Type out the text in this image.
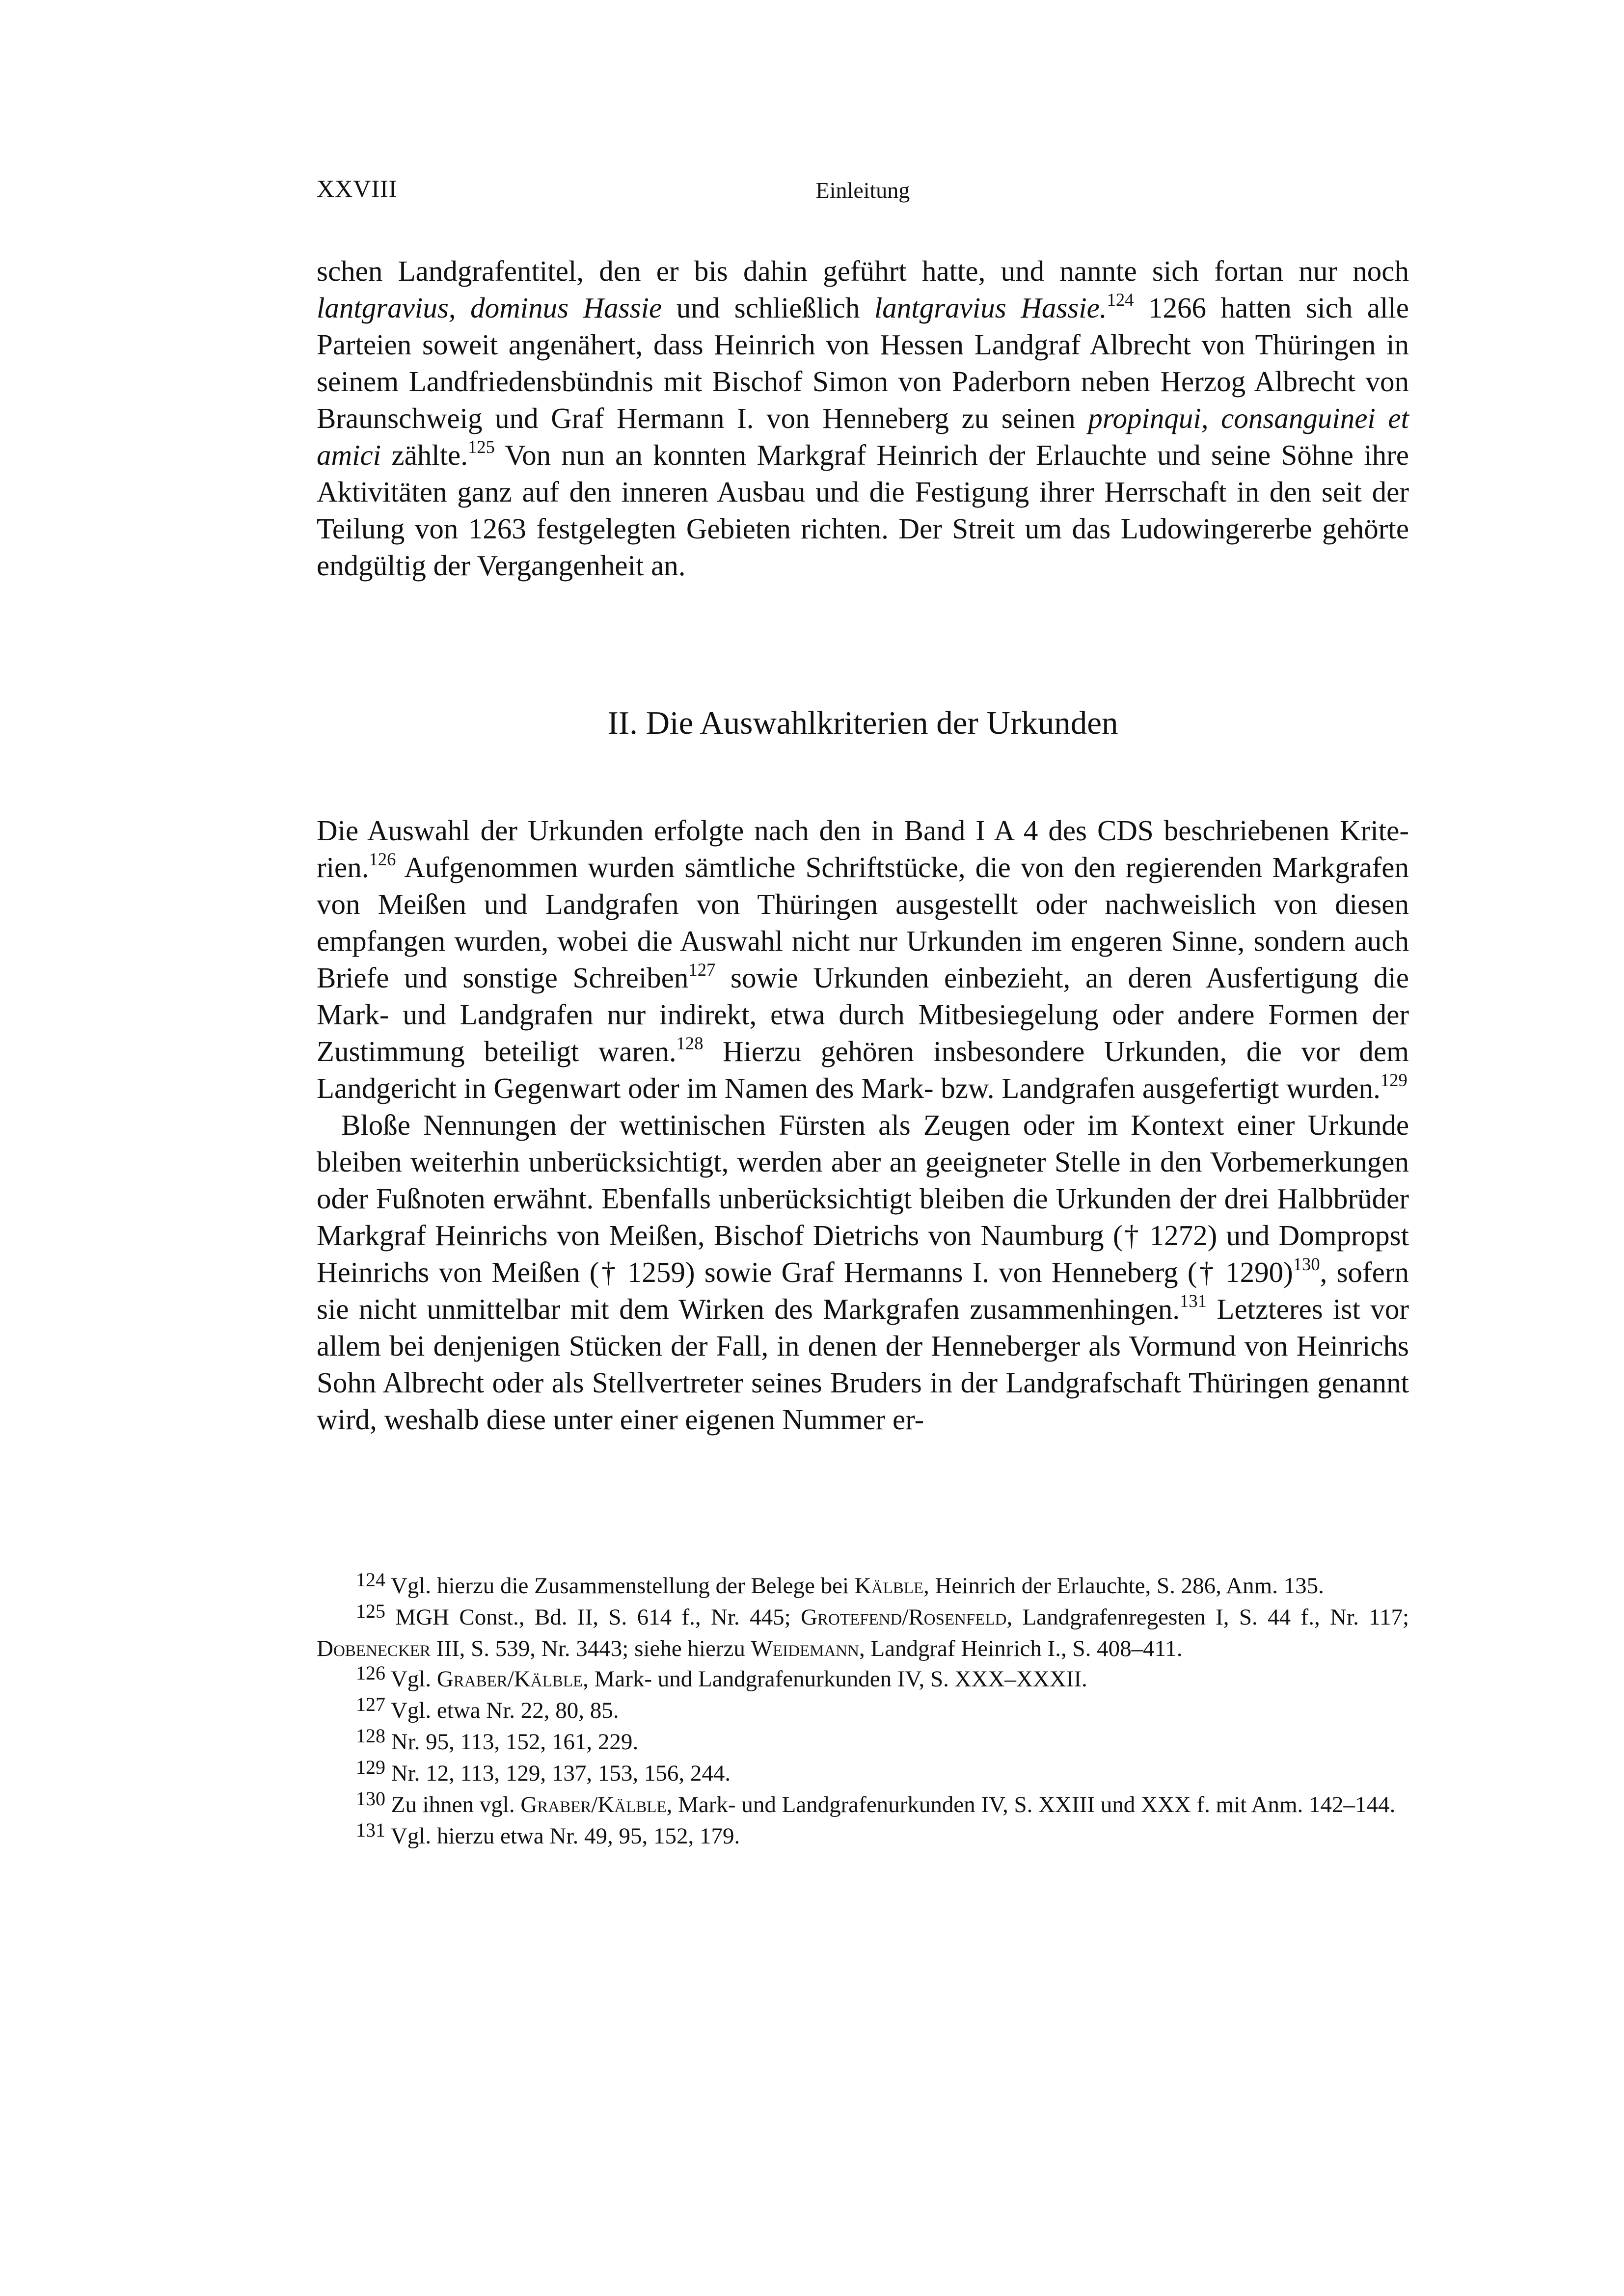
XXVIII	Einleitung

schen Landgrafentitel, den er bis dahin geführt hatte, und nannte sich fortan nur noch lantgravius, dominus Hassie und schließlich lantgravius Hassie.$^{124}$ 1266 hatten sich alle Parteien soweit angenähert, dass Heinrich von Hessen Landgraf Albrecht von Thüringen in seinem Landfriedensbündnis mit Bischof Simon von Paderborn neben Herzog Albrecht von Braunschweig und Graf Hermann I. von Henneberg zu seinen propinqui, consanguinei et amici zählte.$^{125}$ Von nun an konnten Markgraf Heinrich der Erlauchte und seine Söhne ihre Aktivitäten ganz auf den inneren Ausbau und die Festigung ihrer Herrschaft in den seit der Teilung von 1263 festgelegten Gebieten richten. Der Streit um das Ludowingererbe gehörte endgültig der Vergangenheit an.

II. Die Auswahlkriterien der Urkunden

Die Auswahl der Urkunden erfolgte nach den in Band I A 4 des CDS beschriebenen Kriterien.$^{126}$ Aufgenommen wurden sämtliche Schriftstücke, die von den regierenden Markgrafen von Meißen und Landgrafen von Thüringen ausgestellt oder nachweislich von diesen empfangen wurden, wobei die Auswahl nicht nur Urkunden im engeren Sinne, sondern auch Briefe und sonstige Schreiben$^{127}$ sowie Urkunden einbezieht, an deren Ausfertigung die Mark- und Landgrafen nur indirekt, etwa durch Mitbesiegelung oder andere Formen der Zustimmung beteiligt waren.$^{128}$ Hierzu gehören insbesondere Urkunden, die vor dem Landgericht in Gegenwart oder im Namen des Mark- bzw. Landgrafen ausgefertigt wurden.$^{129}$

Bloße Nennungen der wettinischen Fürsten als Zeugen oder im Kontext einer Urkunde bleiben weiterhin unberücksichtigt, werden aber an geeigneter Stelle in den Vorbemerkungen oder Fußnoten erwähnt. Ebenfalls unberücksichtigt bleiben die Urkunden der drei Halbbrüder Markgraf Heinrichs von Meißen, Bischof Dietrichs von Naumburg († 1272) und Dompropst Heinrichs von Meißen († 1259) sowie Graf Hermanns I. von Henneberg († 1290)$^{130}$, sofern sie nicht unmittelbar mit dem Wirken des Markgrafen zusammenhingen.$^{131}$ Letzteres ist vor allem bei denjenigen Stücken der Fall, in denen der Henneberger als Vormund von Heinrichs Sohn Albrecht oder als Stellvertreter seines Bruders in der Landgrafschaft Thüringen genannt wird, weshalb diese unter einer eigenen Nummer er-

124 Vgl. hierzu die Zusammenstellung der Belege bei Kälble, Heinrich der Erlauchte, S. 286, Anm. 135.

125 MGH Const., Bd. II, S. 614 f., Nr. 445; Grotefend/Rosenfeld, Landgrafenregesten I, S. 44 f., Nr. 117; Dobenecker III, S. 539, Nr. 3443; siehe hierzu Weidemann, Landgraf Heinrich I., S. 408–411.

126 Vgl. Graber/Kälble, Mark- und Landgrafenurkunden IV, S. XXX–XXXII.

127 Vgl. etwa Nr. 22, 80, 85.

128 Nr. 95, 113, 152, 161, 229.

129 Nr. 12, 113, 129, 137, 153, 156, 244.

130 Zu ihnen vgl. Graber/Kälble, Mark- und Landgrafenurkunden IV, S. XXIII und XXX f. mit Anm. 142–144.

131 Vgl. hierzu etwa Nr. 49, 95, 152, 179.
